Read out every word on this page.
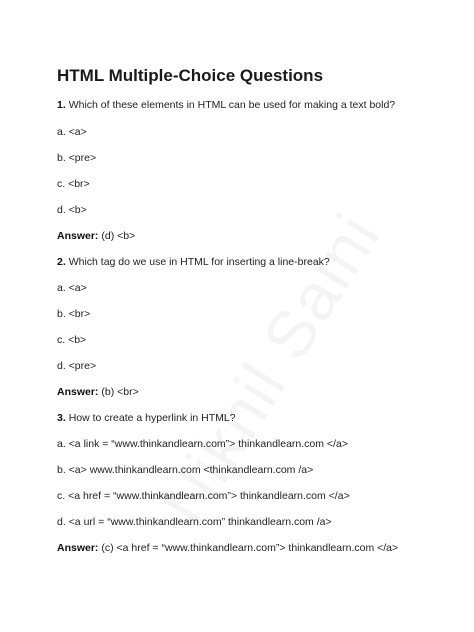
HTML Multiple-Choice Questions
1. Which of these elements in HTML can be used for making a text bold?
a. <a>
b. <pre>
c. <br>
d. <b>
Answer: (d) <b>
2. Which tag do we use in HTML for inserting a line-break?
a. <a>
b. <br>
c. <b>
d. <pre>
Answer: (b) <br>
3. How to create a hyperlink in HTML?
a. <a link = “www.thinkandlearn.com”> thinkandlearn.com </a>
b. <a> www.thinkandlearn.com <thinkandlearn.com /a>
c. <a href = “www.thinkandlearn.com”> thinkandlearn.com </a>
d. <a url = “www.thinkandlearn.com” thinkandlearn.com /a>
Answer: (c) <a href = “www.thinkandlearn.com”> thinkandlearn.com </a>
